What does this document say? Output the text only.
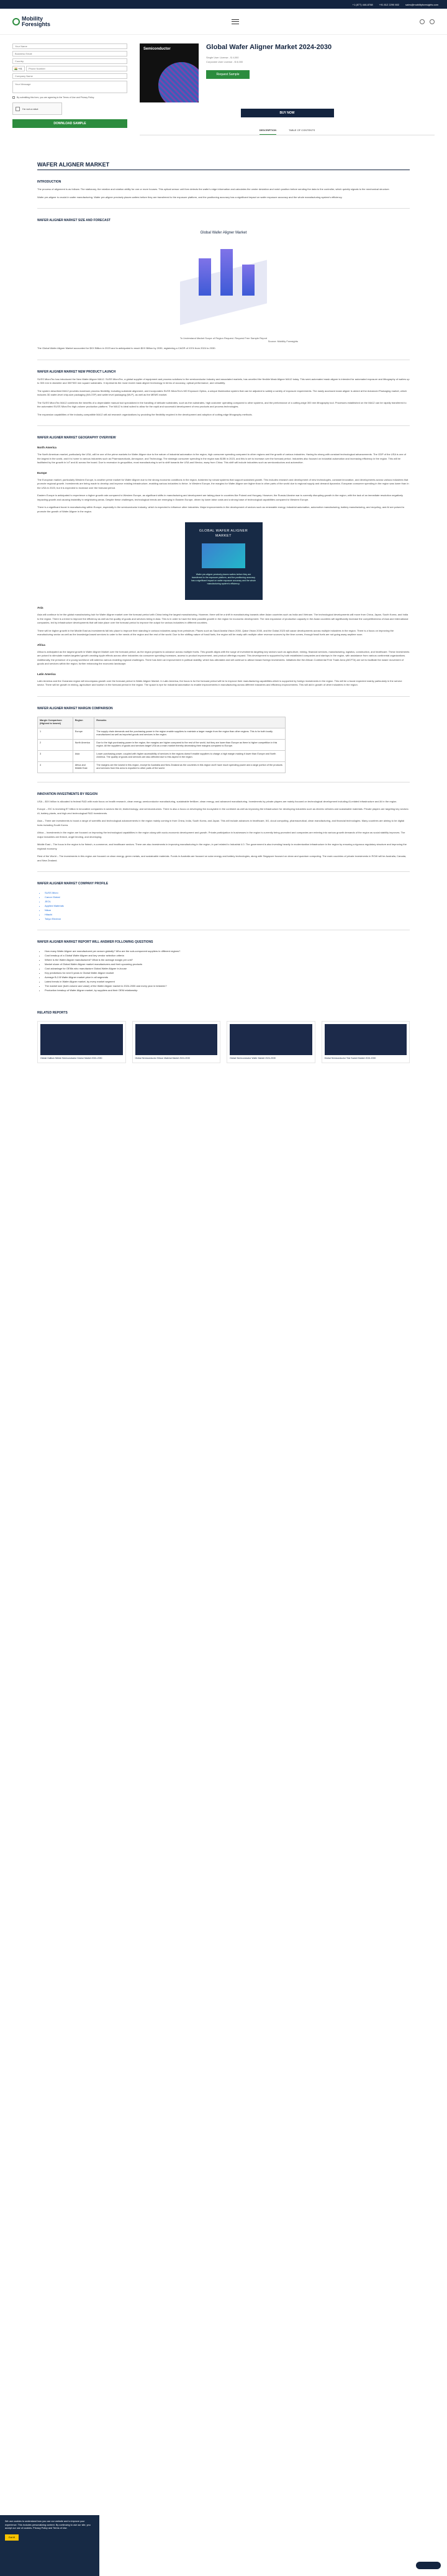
+1 (877) 446-8768	+91 812 2290 802	sales@mobilityforesights.com
Mobility
Foresights
Your Name
Business Email
Country
🇮🇳 +91
Phone Number
Company Name
Your Message
By submitting this form, you are agreeing to the Terms of Use and Privacy Policy.
I'm not a robot
DOWNLOAD SAMPLE
Semiconductor	Global Wafer Aligner Market 2024-2030
Single User License - $ 4,000
Corporate User License - $ 8,000
Request Sample
BUY NOW
DESCRIPTION	TABLE OF CONTENTS
WAFER ALIGNER MARKET
INTRODUCTION

The process of alignment is as follows: The stationary, the rotation and rotation ability for one or more houses. This optical sensor unit then detects the wafer's edge information and calculates the center deviation and notch position before sending the data to the controller, which quickly signals to the mechanical structure.

Wafer pre-aligner is crucial in wafer manufacturing. Wafer pre-aligner precisely places wafers before they are transferred to the exposure platform, and the positioning accuracy has a significant impact on wafer exposure accuracy and the whole manufacturing system's efficiency.

WAFER ALIGNER MARKET SIZE AND FORECAST
Global Wafer Aligner Market
To Understand Market Scope of Region Request. Request Free Sample Report
Source: Mobility Foresights

The Global Wafer Aligner Market accounted for $XX Billion in 2023 and is anticipated to reach $XX Billion by 2030, registering a CAGR of XX% from 2024 to 2030.

WAFER ALIGNER MARKET NEW PRODUCT LAUNCH

SUSS MicroTec has introduced the New Wafer Aligner MA12. SUSS MicroTec, a global supplier of equipment and process solutions to the semiconductor industry and associated markets, has unveiled the flexible Mask Aligner MA12 today. This semi-automated mask aligner is intended for automated exposure and lithography of wafers up to 300 mm in diameter and 300*300 mm square substrates. It represents the most recent mask aligner technology in terms of accuracy, optical performance, and versatility.

The system described MA12 provides maximum process flexibility, including substrate alignment, and incorporates SUSS MicroTec's MO Exposure Optics, a unique illumination system that can be adjusted to satisfy a variety of exposure requirements. The easily accessed mask aligner is aimed at the Advanced Packaging market, which includes 3D wafer-level chip-size packaging (WLCSP) and wafer level packaging (WLP), as well as the MEMS market.

The SUSS MicroTec MA12 combines the benefits of a dependable manual tool specialized in the handling of delicate substrates, such as thin substrates, high customer operating compared to other systems, and the performance of a cutting-edge 300 mm lithography tool. Processes established on the MA12 can be rapidly transferred to the automated SUSS MicroTec high-volume production platform. The MA12 is ideal suited to allow for the rapid and successful development of new products and process technologies.

The expansion capabilities of the industry-compatible MA12 will aid research organizations by providing the flexibility required in the development and adoption of cutting-edge lithography methods.

WAFER ALIGNER MARKET GEOGRAPHY OVERVIEW
North America

The North American market, particularly the USA, will be one of the prime markets for Wafer Aligner due to the nature of industrial automation in the region, high consumer spending compared to other regions and the growth of various industries. Having its strong with constant technological advancements. The GDP of the USA is one of the largest in the world, and it is home to various industries such as Pharmaceuticals, Aerospace, and Technology. The strategic consumer spending in the region was $15B in 2023, and this is set to increase over the forecast period. Industries also focused on industrial automation and increasing efficiency in the region. This will be facilitated by the growth in IoT and AI across the board. Due to recession in geopolitics, most manufacturing is set to shift towards the USA and Mexico, away from China. This shift will include industries such as semiconductors and automotive.

Europe

The European market, particularly Western Europe, is another prime market for Wafer Aligner due to the strong economic conditions in the region, bolstered by robust systems that support sustained growth. This includes research and development of new technologies, constant innovation, and developments across various industries that promote regional growth. Investments are being made to develop and improve existing infrastructure, enabling various industries to thrive. In Western Europe, the margins for Wafer Aligner are higher than in other parts of the world due to regional supply and demand dynamics. European consumer spending in the region was lower than in the USA in 2023, but it is expected to increase over the forecast period.

Eastern Europe is anticipated to experience a higher growth rate compared to Western Europe, as significant shifts in manufacturing and development are taking place in countries like Poland and Hungary. However, the Russia-Ukraine war is currently disrupting growth in the region, with the lack of an immediate resolution negatively impacting growth and causing instability in neighboring areas. Despite these challenges, technological trends are emerging in Eastern Europe, driven by lower labor costs and a strong base of technological capabilities compared to Western Europe.

There is a significant boost in manufacturing within Europe, especially in the semiconductor industry, which is expected to influence other industries. Major improvements in the development of sectors such as renewable energy, industrial automation, automotive manufacturing, battery manufacturing, and recycling, and AI are poised to promote the growth of Wafer Aligner in the region.

GLOBAL WAFER ALIGNER MARKET
Wafer pre-aligner precisely places wafers before they are transferred to the exposure platform, and the positioning accuracy has a significant impact on wafer exposure accuracy and the whole manufacturing system's efficiency.
Asia

Asia will continue to be the global manufacturing hub for Wafer Aligner market over the forecast period with China being the largest manufacturing. However, there will be a shift in manufacturing towards other Asian countries such as India and Vietnam. The technological developments will move from China, Japan, South Korea, and India to the region. There is a trend to improve the efficiency as well as the quality of goods and services being in Asia. This is in order to have the best possible growth in the region for economic development. The new expansion of production capacity in the Asian countries will significantly increase the competitiveness of Asia and international companies, led by infrastructure developments that will take place over the forecast period to improve the output for various industries in different countries.

There will be higher growth in the Middle East as investments fall into place to improve their standing in various industries away from petroleum. Places such as Saudi Arabia Vision 2030, Qatar Vision 2030, and the Dubai 2023 will cause developments across multiple industries in the region. There is a focus on improving the manufacturing sector as well as the knowledge-based services to cater to the needs of the region and the rest of the world. Due to the shifting nature of fossil fuels, the region will be ready with multiple other revenue sources by the time comes, through fossil fuels are not going away anytime soon.

Africa

Africa is anticipated as the largest growth in Wafer Aligner Market over the forecast period, as the region prepares to advance across multiple fronts. This growth aligns with the surge of investments targeting key sectors such as agriculture, mining, financial services, manufacturing, logistics, construction, and healthcare. These investments are poised to stimulate market-targeted growth creating ripple effects across other industries via consumer spending increases, access to product improvement, and product offerings expand. This development is supported by both established companies and startups in the region, with assistance from various continental organizations. Additionally, the presence of a young workforce will address various enabling regional challenges. There has been an improvement in political stability, which has alleviated and will continue to attract inward foreign investments. Initiatives like the African Continental Free Trade Area (AfCFTA) are set to facilitate the easier movement of goods and services within the region, further enhancing the economic landscape.

Latin America

Latin America and the Oceanian region will encompass growth over the forecast period in Wafer Aligner Market. In Latin America, the focus is for the forecast period will be to improve their manufacturing capabilities which is supported by foreign investments in the region. This will be a boost expected mainly particularly in the service sector. There will be growth in mining, agriculture and tourism in the forecast period in the region. The space is ripe for industrial automation to enable improvements in manufacturing across different industries and efficiency improvements. This will aid in growth of other industries in the region.

WAFER ALIGNER MARKET MARGIN COMPARISON
Margin Comparison (Highest to lowest)	Region	Remarks
1	Europe	The supply chain demands and the purchasing power in the region enable suppliers to maintain a larger margin from the region than other regions. This is for both locally manufactured as well as imported goods and services in the region.
2	North America	Due to the high purchasing power in the region, the margins are higher compared to the rest of the world, but they are lower than Europe as there is higher competition in this region. All the suppliers of goods and services target USA as a main market thereby decreasing their margins compared to Europe.
3	Asia	Lower purchasing power, coupled with higher accessibility of services in the regions doesn't enable suppliers to charge a high margin making it lower than Europe and North America. The quality of goods and services are also affected due to this aspect in the region.
4	Africa and Middle East	The margins are the lowest in this region, except for Australia and New Zealand as the countries in this region don't have much spending power and a large portion of the products and services from this area is exported to other parts of the world.
INNOVATION INVESTMENTS BY REGION

USA – $XX billion is allocated to federal R&D with main focus on health research, clean energy, semiconductor manufacturing, sustainable fertilizer, clean energy, and advanced manufacturing. Investments by private players are mainly focused on technological development including AI-related infrastructure and AI in the region.

Europe – EIC is investing €7 billion in innovative companies in sectors like AI, biotechnology, and semiconductors. There is also a focus on developing the ecosystem in the continent as well as improving the infrastructure for developing industries such as electric vehicles and sustainable materials. Private players are targeting key sectors: AI, battery plants, and high-end technological R&D investments.

Asia – There are investments to boost a range of scientific and technological advancements in the region mainly coming in from China, India, South Korea, and Japan. This will include advances in healthcare, 5G, cloud computing, pharmaceutical, clean manufacturing, and financial technologies. Many countries are aiming to be digital hubs including South Korea.

Africa – Investments in the region are focused on improving the technological capabilities in the region along with socio-economic development and growth. Private participation in businesses in the region is currently being promoted and companies are entering into various growth demands of the region as social stability improves. The major industries are fintech, angel lending, and developing.

Middle East – The focus in the region is for fintech, e-commerce, and healthcare sectors. There are also investments in improving manufacturing in the region, in part related to Industrial 4.0. The government is also investing heavily in modernization infrastructure in the region by ensuring a rigorous regulatory structure and improving the regional economy.

Rest of the World – The investments in this region are focused on clean energy, green metals, and sustainable materials. Funds in Australia are focused on solar energy and battery technologies, along with Singapore focused on clean and quantum computing. The main countries of private investments in ROW will be Australia, Canada, and New Zealand.

WAFER ALIGNER MARKET COMPANY PROFILE
• SUSS Micro
• Canon Global
• JEOL
• Applied Materials
• Nikon
• Hitachi
• Tokyo Electron
WAFER ALIGNER MARKET REPORT WILL ANSWER FOLLOWING QUESTIONS
• How many Wafer Aligner are manufactured per annum globally? Who are the sub-component suppliers in different regions?
• Cost breakup of a Global Wafer Aligner and key vendor selection criteria
• Where is the Wafer Aligner manufactured? What is the average margin per unit?
• Market share of Global Wafer Aligner market manufacturers and their upcoming products
• Cost advantage for OEMs who manufacture Global Wafer Aligner in-house
• Key predictions for next 5 years in Global Wafer Aligner market
• Average B-2-B Wafer Aligner market price in all segments
• Latest trends in Wafer Aligner market, by every market segment
• The market size (both volume and value) of the Wafer Aligner market in 2024-2030 and every year in between?
• Production breakup of Wafer Aligner market, by suppliers and their OEM relationship
RELATED REPORTS
Global Gallium Nitride Semiconductor Device Market 2024-2030	Global Semiconductor Silicon Material Market 2024-2030	Global Semiconductor Wafer Market 2024-2030	Global Semiconductor Test Socket Market 2024-2030

We use cookies to understand how you use our website and to improve your experience. This includes personalizing content. By continuing to use our site, you accept our use of cookies. Privacy Policy and Terms of Use.

Got it!
